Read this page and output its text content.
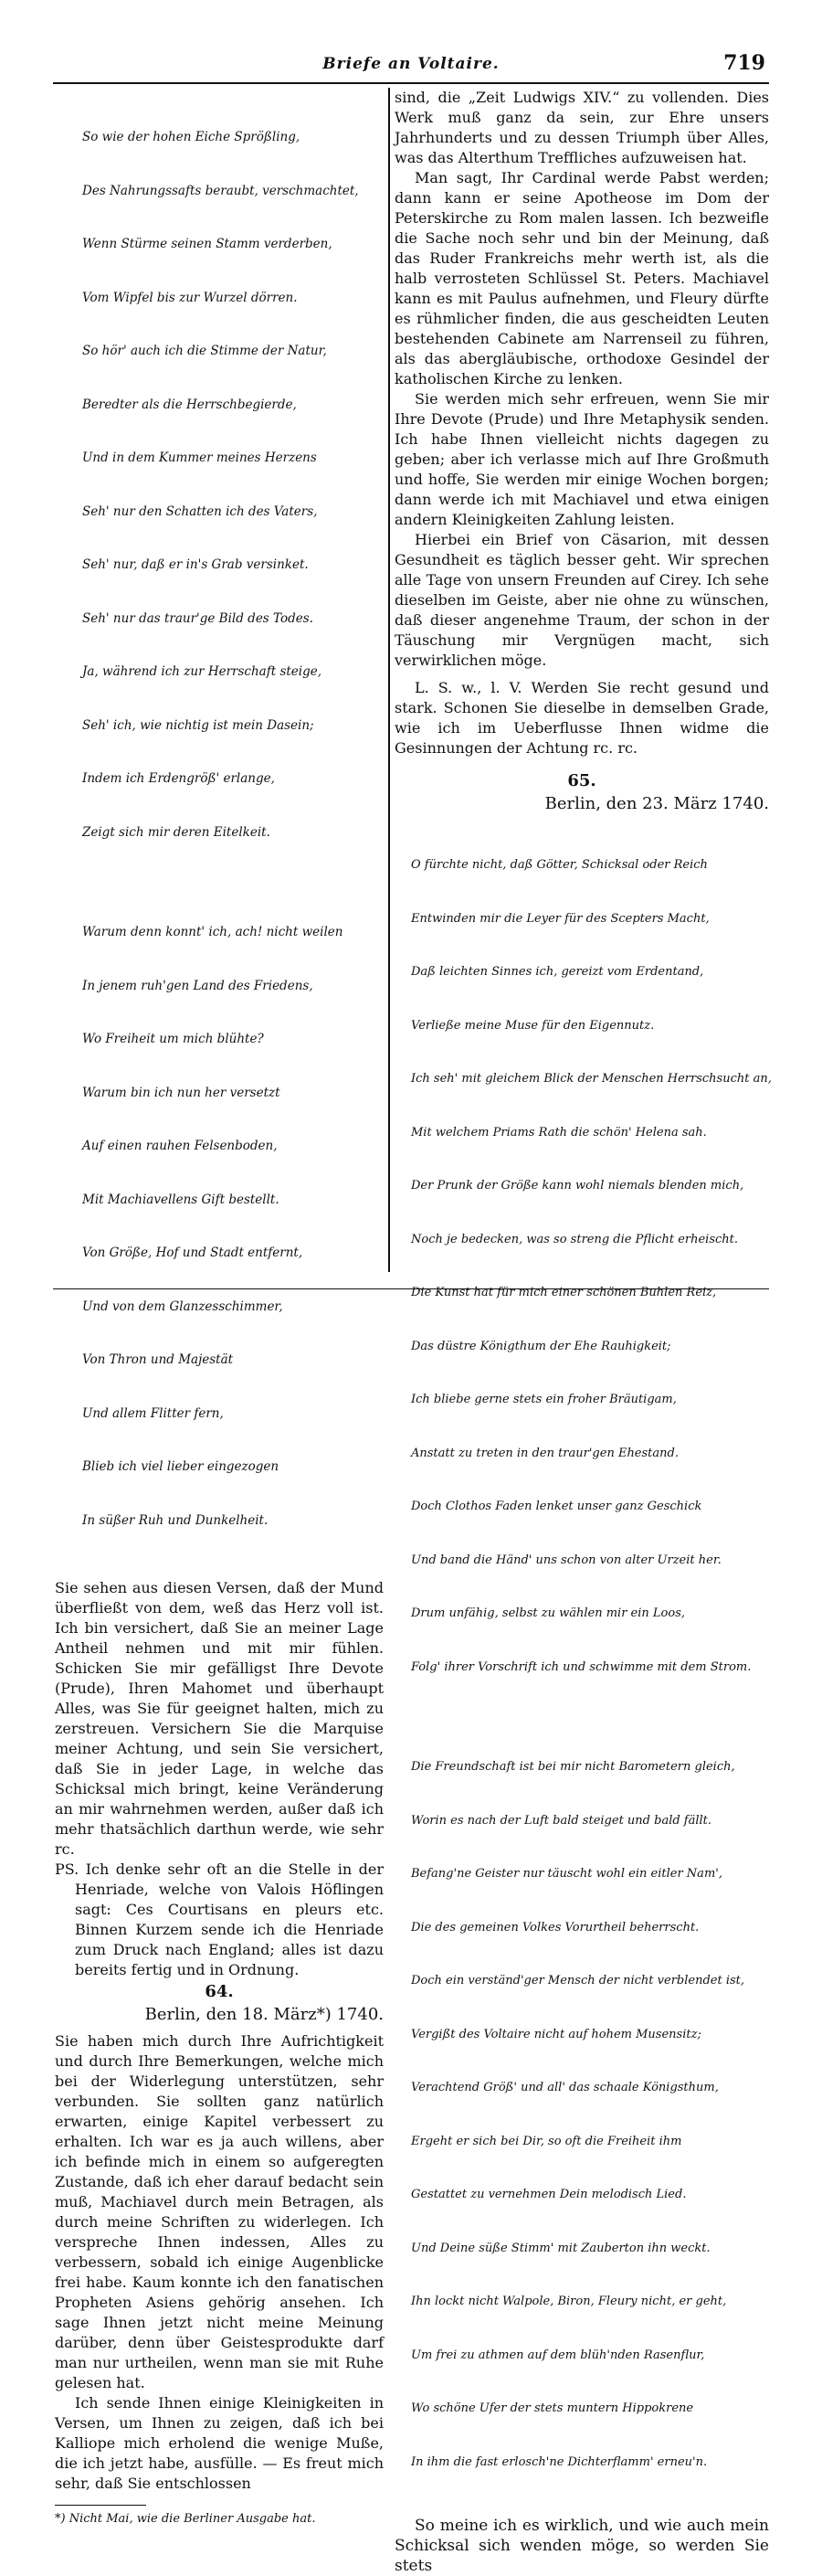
Briefe an Voltaire.	719

So wie der hohen Eiche Sprößling,

Des Nahrungssafts beraubt, verschmachtet,

Wenn Stürme seinen Stamm verderben,

Vom Wipfel bis zur Wurzel dörren.

So hör' auch ich die Stimme der Natur,

Beredter als die Herrschbegierde,

Und in dem Kummer meines Herzens

Seh' nur den Schatten ich des Vaters,

Seh' nur, daß er in's Grab versinket.

Seh' nur das traur'ge Bild des Todes.

Ja, während ich zur Herrschaft steige,

Seh' ich, wie nichtig ist mein Dasein;

Indem ich Erdengröß' erlange,

Zeigt sich mir deren Eitelkeit.

Warum denn konnt' ich, ach! nicht weilen

In jenem ruh'gen Land des Friedens,

Wo Freiheit um mich blühte?

Warum bin ich nun her versetzt

Auf einen rauhen Felsenboden,

Mit Machiavellens Gift bestellt.

Von Größe, Hof und Stadt entfernt,

Und von dem Glanzesschimmer,

Von Thron und Majestät

Und allem Flitter fern,

Blieb ich viel lieber eingezogen

In süßer Ruh und Dunkelheit.

Sie sehen aus diesen Versen, daß der Mund überfließt von dem, weß das Herz voll ist. Ich bin versichert, daß Sie an meiner Lage Antheil nehmen und mit mir fühlen. Schicken Sie mir gefälligst Ihre Devote (Prude), Ihren Mahomet und überhaupt Alles, was Sie für geeignet halten, mich zu zerstreuen. Versichern Sie die Marquise meiner Achtung, und sein Sie versichert, daß Sie in jeder Lage, in welche das Schicksal mich bringt, keine Veränderung an mir wahrnehmen werden, außer daß ich mehr thatsächlich darthun werde, wie sehr rc.

PS. Ich denke sehr oft an die Stelle in der Henriade, welche von Valois Höflingen sagt: Ces Courtisans en pleurs etc. Binnen Kurzem sende ich die Henriade zum Druck nach England; alles ist dazu bereits fertig und in Ordnung.

64.
Berlin, den 18. März*) 1740.

Sie haben mich durch Ihre Aufrichtigkeit und durch Ihre Bemerkungen, welche mich bei der Widerlegung unterstützen, sehr verbunden. Sie sollten ganz natürlich erwarten, einige Kapitel verbessert zu erhalten. Ich war es ja auch willens, aber ich befinde mich in einem so aufgeregten Zustande, daß ich eher darauf bedacht sein muß, Machiavel durch mein Betragen, als durch meine Schriften zu widerlegen. Ich verspreche Ihnen indessen, Alles zu verbessern, sobald ich einige Augenblicke frei habe. Kaum konnte ich den fanatischen Propheten Asiens gehörig ansehen. Ich sage Ihnen jetzt nicht meine Meinung darüber, denn über Geistesprodukte darf man nur urtheilen, wenn man sie mit Ruhe gelesen hat.

Ich sende Ihnen einige Kleinigkeiten in Versen, um Ihnen zu zeigen, daß ich bei Kalliope mich erholend die wenige Muße, die ich jetzt habe, ausfülle. — Es freut mich sehr, daß Sie entschlossen

*) Nicht Mai, wie die Berliner Ausgabe hat.

sind, die „Zeit Ludwigs XIV.“ zu vollenden. Dies Werk muß ganz da sein, zur Ehre unsers Jahrhunderts und zu dessen Triumph über Alles, was das Alterthum Treffliches aufzuweisen hat.

Man sagt, Ihr Cardinal werde Pabst werden; dann kann er seine Apotheose im Dom der Peterskirche zu Rom malen lassen. Ich bezweifle die Sache noch sehr und bin der Meinung, daß das Ruder Frankreichs mehr werth ist, als die halb verrosteten Schlüssel St. Peters. Machiavel kann es mit Paulus aufnehmen, und Fleury dürfte es rühmlicher finden, die aus gescheidten Leuten bestehenden Cabinete am Narrenseil zu führen, als das abergläubische, orthodoxe Gesindel der katholischen Kirche zu lenken.

Sie werden mich sehr erfreuen, wenn Sie mir Ihre Devote (Prude) und Ihre Metaphysik senden. Ich habe Ihnen vielleicht nichts dagegen zu geben; aber ich verlasse mich auf Ihre Großmuth und hoffe, Sie werden mir einige Wochen borgen; dann werde ich mit Machiavel und etwa einigen andern Kleinigkeiten Zahlung leisten.

Hierbei ein Brief von Cäsarion, mit dessen Gesundheit es täglich besser geht. Wir sprechen alle Tage von unsern Freunden auf Cirey. Ich sehe dieselben im Geiste, aber nie ohne zu wünschen, daß dieser angenehme Traum, der schon in der Täuschung mir Vergnügen macht, sich verwirklichen möge.

L. S. w., l. V. Werden Sie recht gesund und stark. Schonen Sie dieselbe in demselben Grade, wie ich im Ueberflusse Ihnen widme die Gesinnungen der Achtung rc. rc.

65.
Berlin, den 23. März 1740.

O fürchte nicht, daß Götter, Schicksal oder Reich

Entwinden mir die Leyer für des Scepters Macht,

Daß leichten Sinnes ich, gereizt vom Erdentand,

Verließe meine Muse für den Eigennutz.

Ich seh' mit gleichem Blick der Menschen Herrschsucht an,

Mit welchem Priams Rath die schön' Helena sah.

Der Prunk der Größe kann wohl niemals blenden mich,

Noch je bedecken, was so streng die Pflicht erheischt.

Die Kunst hat für mich einer schönen Buhlen Reiz,

Das düstre Königthum der Ehe Rauhigkeit;

Ich bliebe gerne stets ein froher Bräutigam,

Anstatt zu treten in den traur'gen Ehestand.

Doch Clothos Faden lenket unser ganz Geschick

Und band die Händ' uns schon von alter Urzeit her.

Drum unfähig, selbst zu wählen mir ein Loos,

Folg' ihrer Vorschrift ich und schwimme mit dem Strom.

Die Freundschaft ist bei mir nicht Barometern gleich,

Worin es nach der Luft bald steiget und bald fällt.

Befang'ne Geister nur täuscht wohl ein eitler Nam',

Die des gemeinen Volkes Vorurtheil beherrscht.

Doch ein verständ'ger Mensch der nicht verblendet ist,

Vergißt des Voltaire nicht auf hohem Musensitz;

Verachtend Größ' und all' das schaale Königsthum,

Ergeht er sich bei Dir, so oft die Freiheit ihm

Gestattet zu vernehmen Dein melodisch Lied.

Und Deine süße Stimm' mit Zauberton ihn weckt.

Ihn lockt nicht Walpole, Biron, Fleury nicht, er geht,

Um frei zu athmen auf dem blüh'nden Rasenflur,

Wo schöne Ufer der stets muntern Hippokrene

In ihm die fast erlosch'ne Dichterflamm' erneu'n.

So meine ich es wirklich, und wie auch mein Schicksal sich wenden möge, so werden Sie stets
